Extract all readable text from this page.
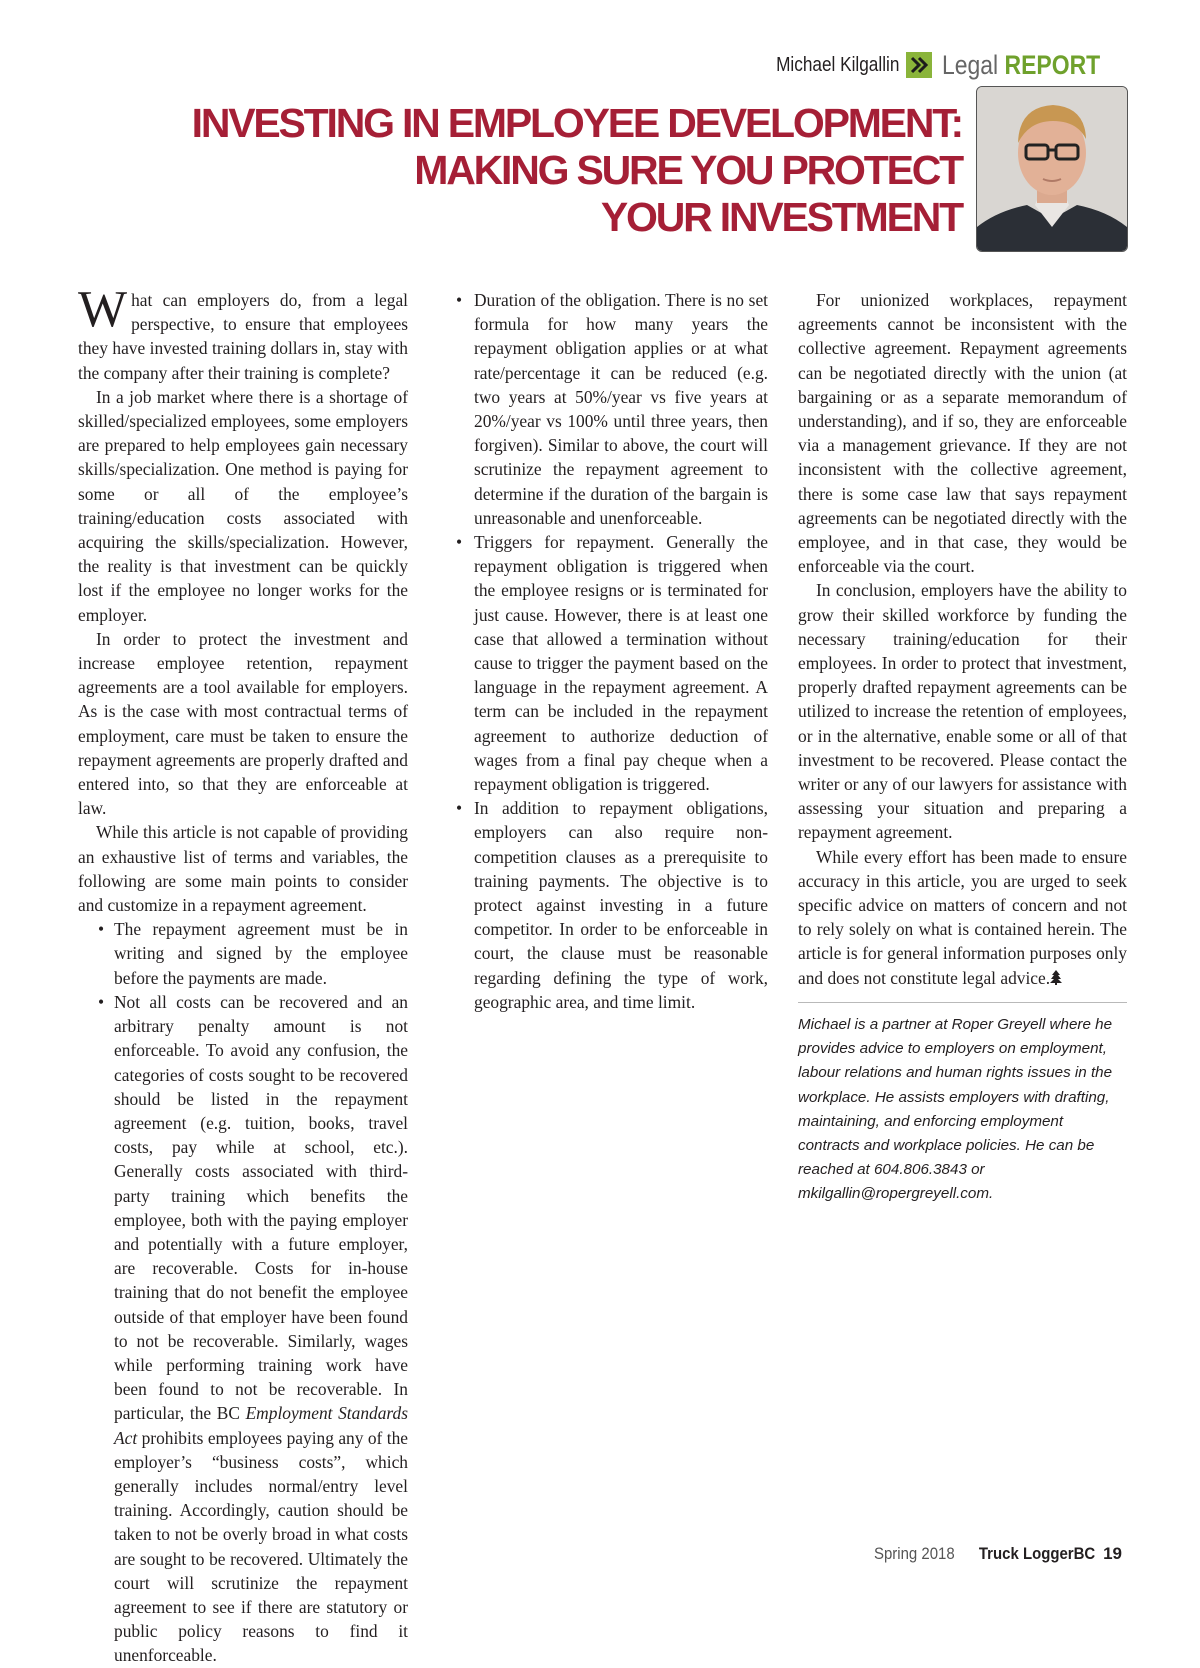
Michael Kilgallin Legal REPORT
INVESTING IN EMPLOYEE DEVELOPMENT:
MAKING SURE YOU PROTECT
YOUR INVESTMENT

What can employers do, from a legal perspective, to ensure that employees they have invested training dollars in, stay with the company after their training is complete?

In a job market where there is a shortage of skilled/specialized employees, some employers are prepared to help employees gain necessary skills/specialization. One method is paying for some or all of the employee’s training/education costs associated with acquiring the skills/specialization. However, the reality is that investment can be quickly lost if the employee no longer works for the employer.

In order to protect the investment and increase employee retention, repayment agreements are a tool available for employers. As is the case with most contractual terms of employment, care must be taken to ensure the repayment agreements are properly drafted and entered into, so that they are enforceable at law.

While this article is not capable of providing an exhaustive list of terms and variables, the following are some main points to consider and customize in a repayment agreement.

• The repayment agreement must be in writing and signed by the employee before the payments are made.
• Not all costs can be recovered and an arbitrary penalty amount is not enforceable. To avoid any confusion, the categories of costs sought to be recovered should be listed in the repayment agreement (e.g. tuition, books, travel costs, pay while at school, etc.). Generally costs associated with third-party training which benefits the employee, both with the paying employer and potentially with a future employer, are recoverable. Costs for in-house training that do not benefit the employee outside of that employer have been found to not be recoverable. Similarly, wages while performing training work have been found to not be recoverable. In particular, the BC Employment Standards Act prohibits employees paying any of the employer’s “business costs”, which generally includes normal/entry level training. Accordingly, caution should be taken to not be overly broad in what costs are sought to be recovered. Ultimately the court will scrutinize the repayment agreement to see if there are statutory or public policy reasons to find it unenforceable.
• Duration of the obligation. There is no set formula for how many years the repayment obligation applies or at what rate/percentage it can be reduced (e.g. two years at 50%/year vs five years at 20%/year vs 100% until three years, then forgiven). Similar to above, the court will scrutinize the repayment agreement to determine if the duration of the bargain is unreasonable and unenforceable.
• Triggers for repayment. Generally the repayment obligation is triggered when the employee resigns or is terminated for just cause. However, there is at least one case that allowed a termination without cause to trigger the payment based on the language in the repayment agreement. A term can be included in the repayment agreement to authorize deduction of wages from a final pay cheque when a repayment obligation is triggered.
• In addition to repayment obligations, employers can also require non-competition clauses as a prerequisite to training payments. The objective is to protect against investing in a future competitor. In order to be enforceable in court, the clause must be reasonable regarding defining the type of work, geographic area, and time limit.

For unionized workplaces, repayment agreements cannot be inconsistent with the collective agreement. Repayment agreements can be negotiated directly with the union (at bargaining or as a separate memorandum of understanding), and if so, they are enforceable via a management grievance. If they are not inconsistent with the collective agreement, there is some case law that says repayment agreements can be negotiated directly with the employee, and in that case, they would be enforceable via the court.

In conclusion, employers have the ability to grow their skilled workforce by funding the necessary training/education for their employees. In order to protect that investment, properly drafted repayment agreements can be utilized to increase the retention of employees, or in the alternative, enable some or all of that investment to be recovered. Please contact the writer or any of our lawyers for assistance with assessing your situation and preparing a repayment agreement.

While every effort has been made to ensure accuracy in this article, you are urged to seek specific advice on matters of concern and not to rely solely on what is contained herein. The article is for general information purposes only and does not constitute legal advice.

Michael is a partner at Roper Greyell where he provides advice to employers on employment, labour relations and human rights issues in the workplace. He assists employers with drafting, maintaining, and enforcing employment contracts and workplace policies. He can be reached at 604.806.3843 or mkilgallin@ropergreyell.com.
Spring 2018 Truck LoggerBC 19
